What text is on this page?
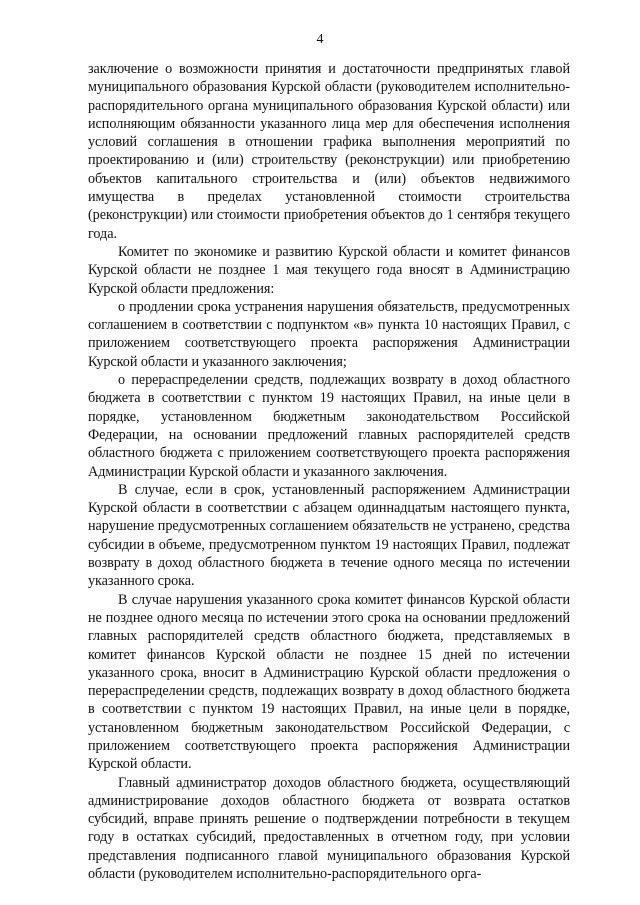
4

заключение о возможности принятия и достаточности предпринятых главой муниципального образования Курской области (руководителем исполнительно-распорядительного органа муниципального образования Курской области) или исполняющим обязанности указанного лица мер для обеспечения исполнения условий соглашения в отношении графика выполнения мероприятий по проектированию и (или) строительству (реконструкции) или приобретению объектов капитального строительства и (или) объектов недвижимого имущества в пределах установленной стоимости строительства (реконструкции) или стоимости приобретения объектов до 1 сентября текущего года.

Комитет по экономике и развитию Курской области и комитет финансов Курской области не позднее 1 мая текущего года вносят в Администрацию Курской области предложения:

о продлении срока устранения нарушения обязательств, предусмотренных соглашением в соответствии с подпунктом «в» пункта 10 настоящих Правил, с приложением соответствующего проекта распоряжения Администрации Курской области и указанного заключения;

о перераспределении средств, подлежащих возврату в доход областного бюджета в соответствии с пунктом 19 настоящих Правил, на иные цели в порядке, установленном бюджетным законодательством Российской Федерации, на основании предложений главных распорядителей средств областного бюджета с приложением соответствующего проекта распоряжения Администрации Курской области и указанного заключения.

В случае, если в срок, установленный распоряжением Администрации Курской области в соответствии с абзацем одиннадцатым настоящего пункта, нарушение предусмотренных соглашением обязательств не устранено, средства субсидии в объеме, предусмотренном пунктом 19 настоящих Правил, подлежат возврату в доход областного бюджета в течение одного месяца по истечении указанного срока.

В случае нарушения указанного срока комитет финансов Курской области не позднее одного месяца по истечении этого срока на основании предложений главных распорядителей средств областного бюджета, представляемых в комитет финансов Курской области не позднее 15 дней по истечении указанного срока, вносит в Администрацию Курской области предложения о перераспределении средств, подлежащих возврату в доход областного бюджета в соответствии с пунктом 19 настоящих Правил, на иные цели в порядке, установленном бюджетным законодательством Российской Федерации, с приложением соответствующего проекта распоряжения Администрации Курской области.

Главный администратор доходов областного бюджета, осуществляющий администрирование доходов областного бюджета от возврата остатков субсидий, вправе принять решение о подтверждении потребности в текущем году в остатках субсидий, предоставленных в отчетном году, при условии представления подписанного главой муниципального образования Курской области (руководителем исполнительно-распорядительного орга-
